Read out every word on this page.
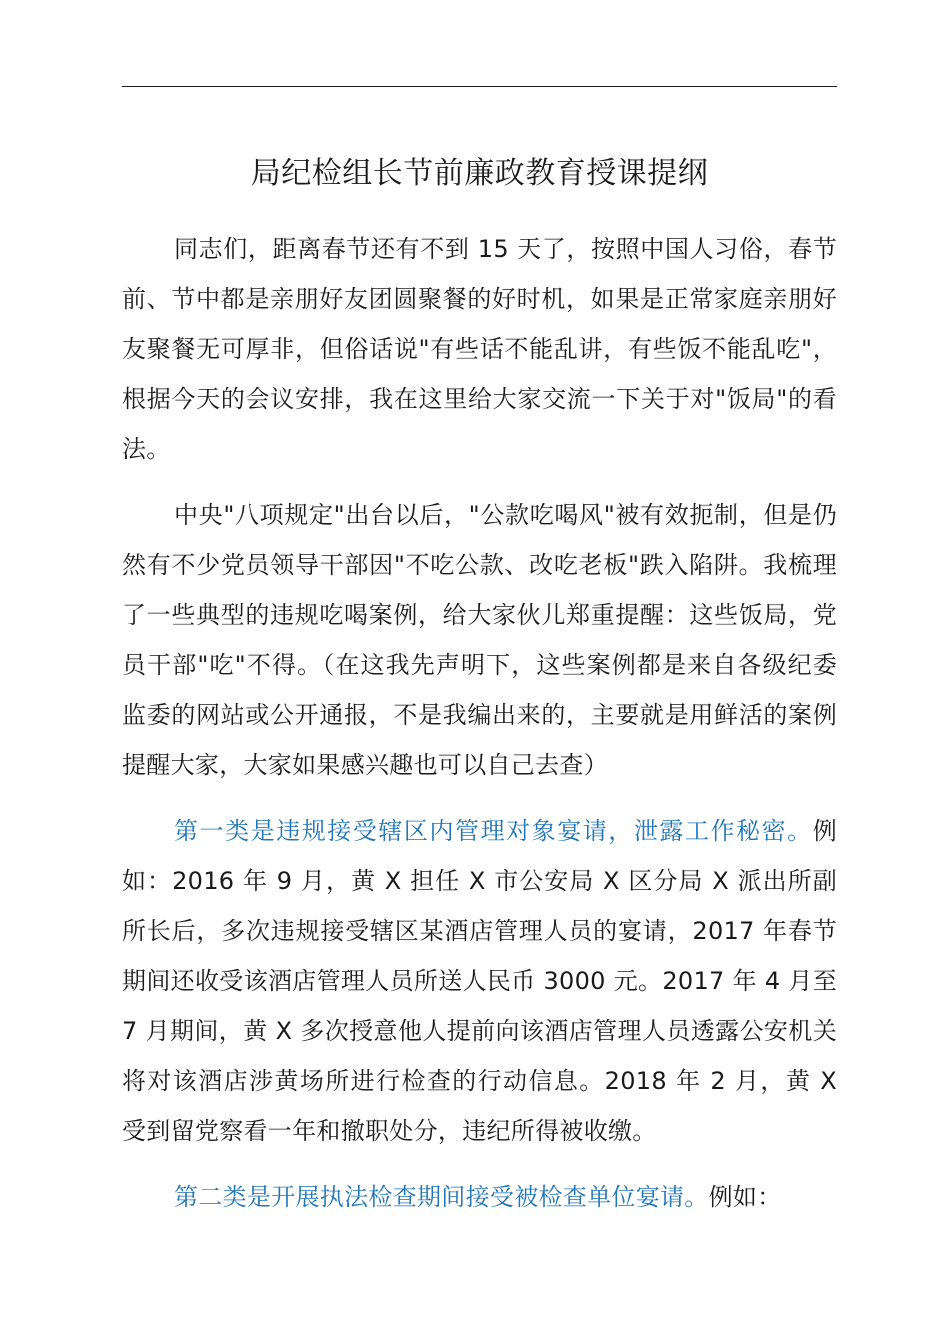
局纪检组长节前廉政教育授课提纲

同志们，距离春节还有不到 15 天了，按照中国人习俗，春节前、节中都是亲朋好友团圆聚餐的好时机，如果是正常家庭亲朋好友聚餐无可厚非，但俗话说"有些话不能乱讲，有些饭不能乱吃"，根据今天的会议安排，我在这里给大家交流一下关于对"饭局"的看法。

中央"八项规定"出台以后，"公款吃喝风"被有效扼制，但是仍然有不少党员领导干部因"不吃公款、改吃老板"跌入陷阱。我梳理了一些典型的违规吃喝案例，给大家伙儿郑重提醒：这些饭局，党员干部"吃"不得。（在这我先声明下，这些案例都是来自各级纪委监委的网站或公开通报，不是我编出来的，主要就是用鲜活的案例提醒大家，大家如果感兴趣也可以自己去查）

第一类是违规接受辖区内管理对象宴请，泄露工作秘密。例如：2016 年 9 月，黄 X 担任 X 市公安局 X 区分局 X 派出所副所长后，多次违规接受辖区某酒店管理人员的宴请，2017 年春节期间还收受该酒店管理人员所送人民币 3000 元。2017 年 4 月至 7 月期间，黄 X 多次授意他人提前向该酒店管理人员透露公安机关将对该酒店涉黄场所进行检查的行动信息。2018 年 2 月，黄 X 受到留党察看一年和撤职处分，违纪所得被收缴。

第二类是开展执法检查期间接受被检查单位宴请。例如：
